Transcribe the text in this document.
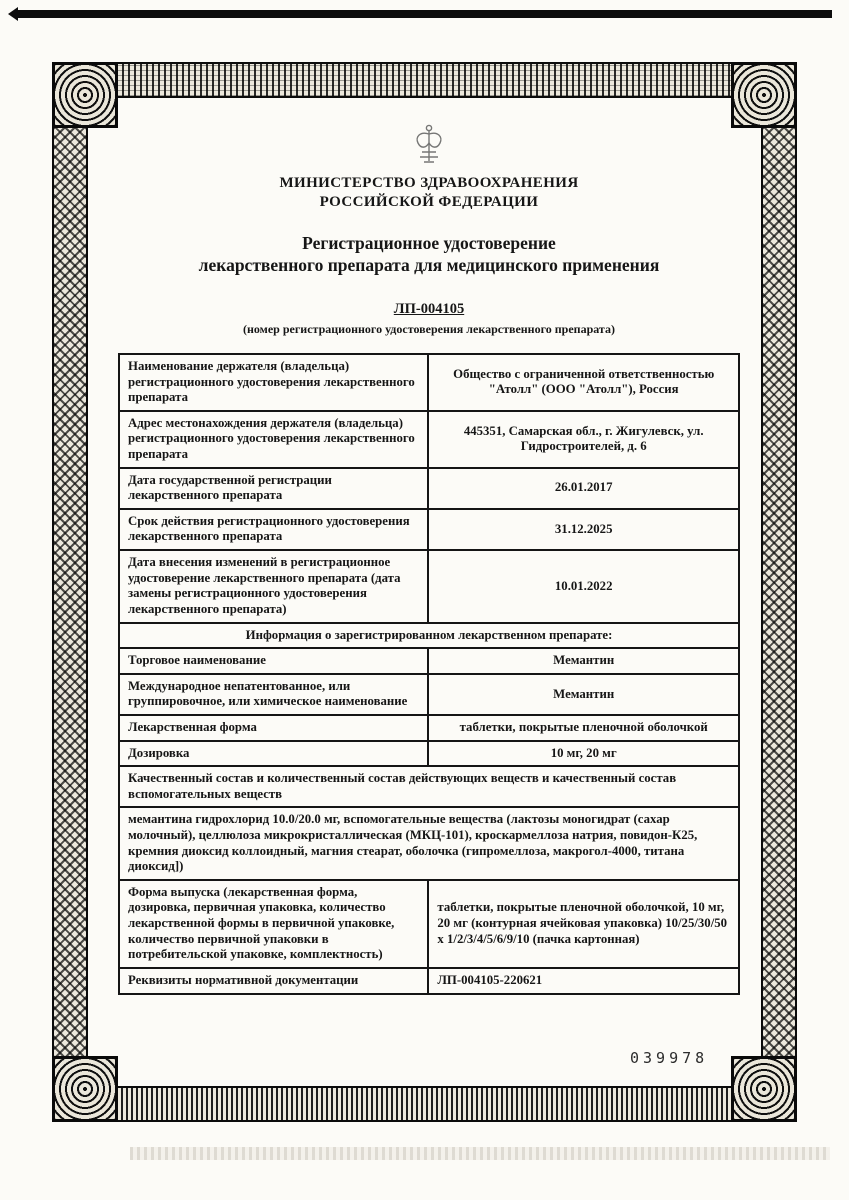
МИНИСТЕРСТВО ЗДРАВООХРАНЕНИЯ
РОССИЙСКОЙ ФЕДЕРАЦИИ
Регистрационное удостоверение
лекарственного препарата для медицинского применения
ЛП-004105
(номер регистрационного удостоверения лекарственного препарата)
Наименование держателя (владельца) регистрационного удостоверения лекарственного препарата	Общество с ограниченной ответственностью "Атолл" (ООО "Атолл"), Россия
Адрес местонахождения держателя (владельца) регистрационного удостоверения лекарственного препарата	445351, Самарская обл., г. Жигулевск, ул. Гидростроителей, д. 6
Дата государственной регистрации лекарственного препарата	26.01.2017
Срок действия регистрационного удостоверения лекарственного препарата	31.12.2025
Дата внесения изменений в регистрационное удостоверение лекарственного препарата (дата замены регистрационного удостоверения лекарственного препарата)	10.01.2022
Информация о зарегистрированном лекарственном препарате:	
Торговое наименование	Мемантин
Международное непатентованное, или группировочное, или химическое наименование	Мемантин
Лекарственная форма	таблетки, покрытые пленочной оболочкой
Дозировка	10 мг, 20 мг
Качественный состав и количественный состав действующих веществ и качественный состав вспомогательных веществ	
мемантина гидрохлорид 10.0/20.0 мг, вспомогательные вещества (лактозы моногидрат (сахар молочный), целлюлоза микрокристаллическая (МКЦ-101), кроскармеллоза натрия, повидон-К25, кремния диоксид коллоидный, магния стеарат, оболочка (гипромеллоза, макрогол-4000, титана диоксид])	
Форма выпуска (лекарственная форма, дозировка, первичная упаковка, количество лекарственной формы в первичной упаковке, количество первичной упаковки в потребительской упаковке, комплектность)	таблетки, покрытые пленочной оболочкой, 10 мг, 20 мг (контурная ячейковая упаковка) 10/25/30/50 х 1/2/3/4/5/6/9/10 (пачка картонная)
Реквизиты нормативной документации	ЛП-004105-220621
039978
